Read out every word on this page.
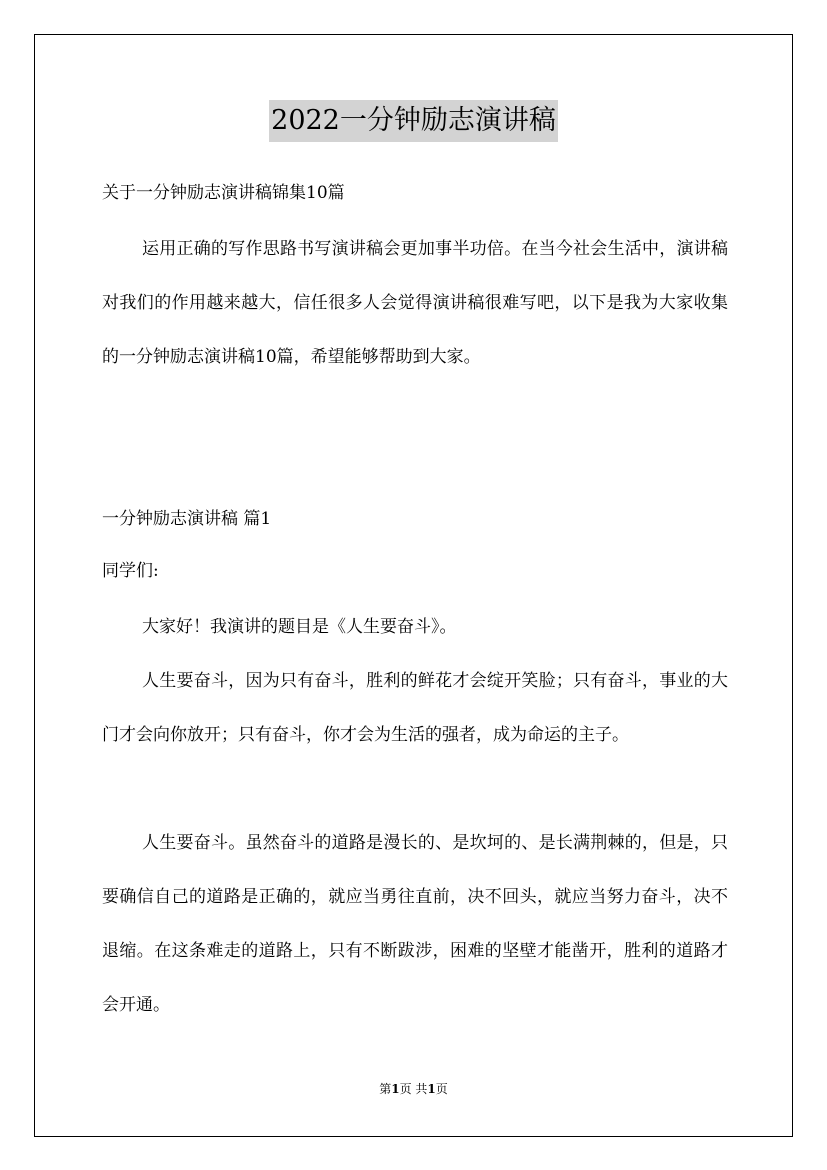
2022一分钟励志演讲稿
关于一分钟励志演讲稿锦集10篇

运用正确的写作思路书写演讲稿会更加事半功倍。在当今社会生活中，演讲稿对我们的作用越来越大，信任很多人会觉得演讲稿很难写吧，以下是我为大家收集的一分钟励志演讲稿10篇，希望能够帮助到大家。

一分钟励志演讲稿 篇1
同学们:

大家好！我演讲的题目是《人生要奋斗》。

人生要奋斗，因为只有奋斗，胜利的鲜花才会绽开笑脸；只有奋斗，事业的大门才会向你放开；只有奋斗，你才会为生活的强者，成为命运的主子。

人生要奋斗。虽然奋斗的道路是漫长的、是坎坷的、是长满荆棘的，但是，只要确信自己的道路是正确的，就应当勇往直前，决不回头，就应当努力奋斗，决不退缩。在这条难走的道路上，只有不断跋涉，困难的坚壁才能凿开，胜利的道路才会开通。

第1页 共1页
